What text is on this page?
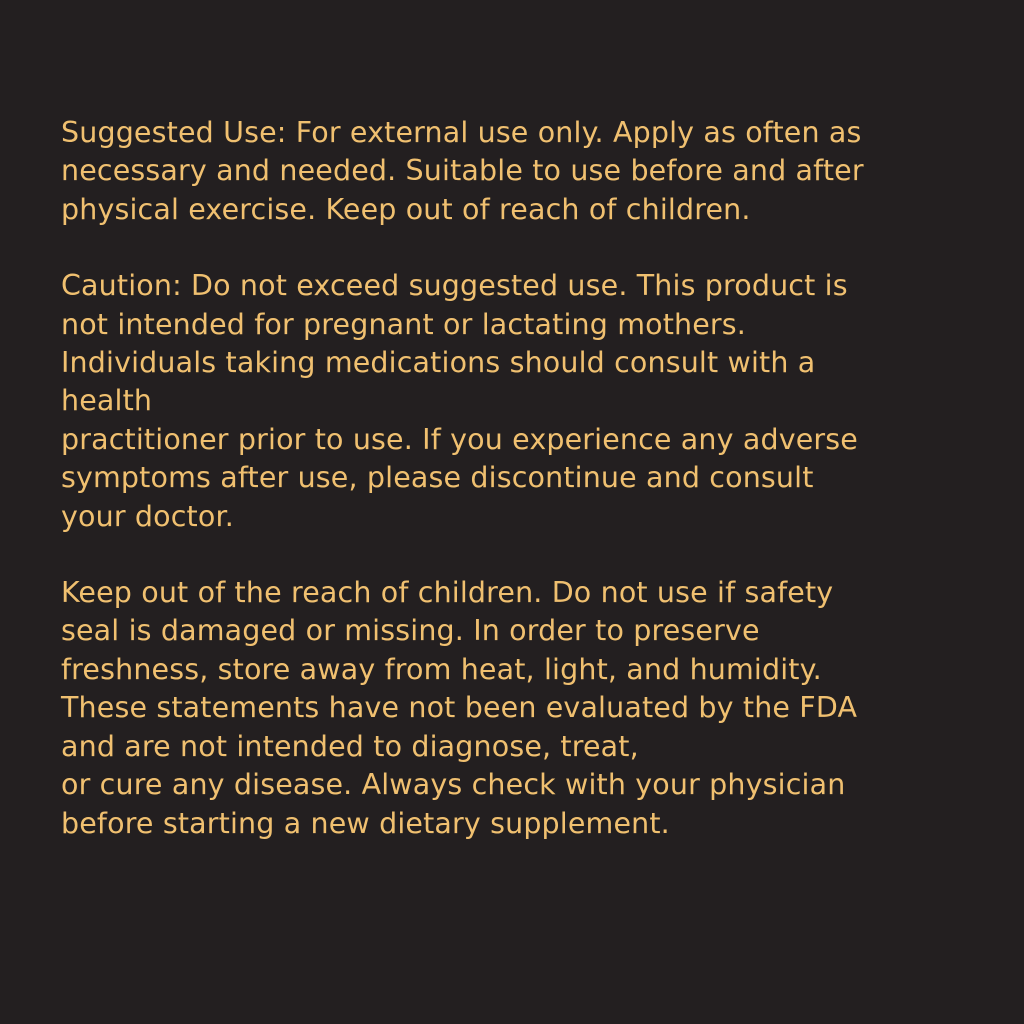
Suggested Use: For external use only. Apply as often as
necessary and needed. Suitable to use before and after
physical exercise. Keep out of reach of children.
Caution: Do not exceed suggested use. This product is
not intended for pregnant or lactating mothers.
Individuals taking medications should consult with a
health
practitioner prior to use. If you experience any adverse
symptoms after use, please discontinue and consult
your doctor.
Keep out of the reach of children. Do not use if safety
seal is damaged or missing. In order to preserve
freshness, store away from heat, light, and humidity.
These statements have not been evaluated by the FDA
and are not intended to diagnose, treat,
or cure any disease. Always check with your physician
before starting a new dietary supplement.
